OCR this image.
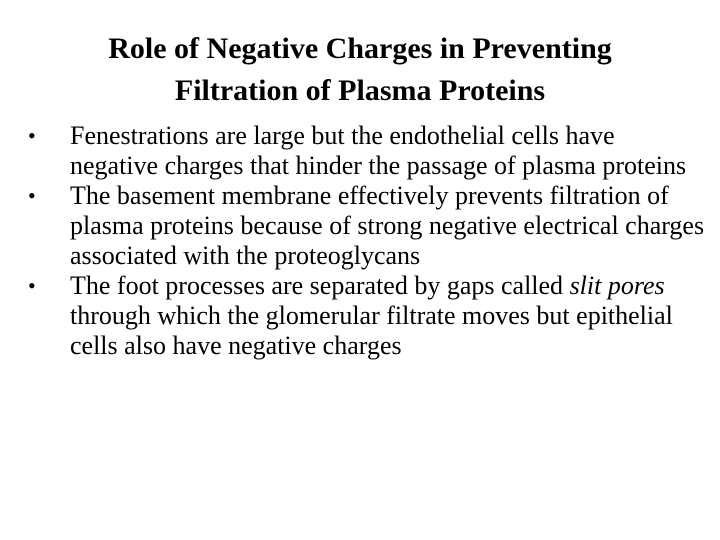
Role of Negative Charges in Preventing
Filtration of Plasma Proteins
• Fenestrations are large but the endothelial cells have negative charges that hinder the passage of plasma proteins
• The basement membrane effectively prevents filtration of plasma proteins because of strong negative electrical charges associated with the proteoglycans
• The foot processes are separated by gaps called slit pores through which the glomerular filtrate moves but epithelial cells also have negative charges
